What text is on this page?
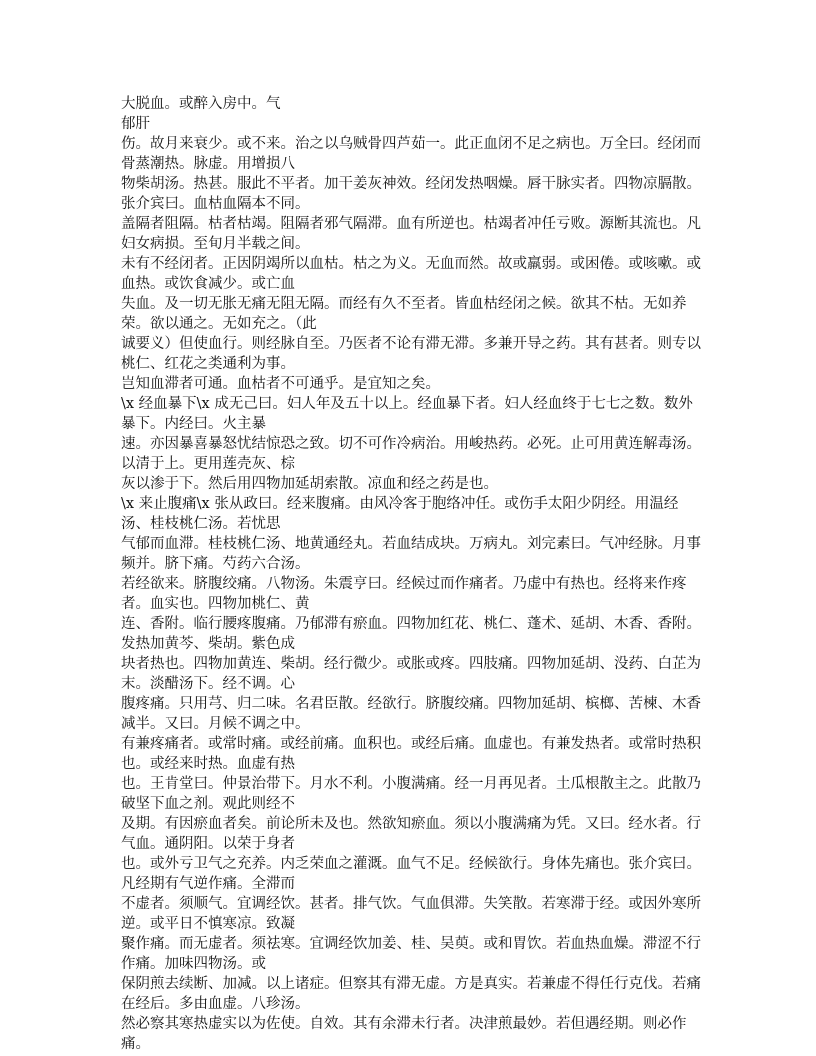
大脱血。或醉入房中。气

郁肝

伤。故月来衰少。或不来。治之以乌贼骨四芦茹一。此正血闭不足之病也。万全曰。经闭而骨蒸潮热。脉虚。用增损八

物柴胡汤。热甚。服此不平者。加干姜灰神效。经闭发热咽燥。唇干脉实者。四物凉膈散。张介宾曰。血枯血隔本不同。

盖隔者阻隔。枯者枯竭。阻隔者邪气隔滞。血有所逆也。枯竭者冲任亏败。源断其流也。凡妇女病损。至旬月半载之间。

未有不经闭者。正因阴竭所以血枯。枯之为义。无血而然。故或羸弱。或困倦。或咳嗽。或血热。或饮食减少。或亡血

失血。及一切无胀无痛无阻无隔。而经有久不至者。皆血枯经闭之候。欲其不枯。无如养荣。欲以通之。无如充之。（此

诚要义）但使血行。则经脉自至。乃医者不论有滞无滞。多兼开导之药。其有甚者。则专以桃仁、红花之类通利为事。

岂知血滞者可通。血枯者不可通乎。是宜知之矣。

\x 经血暴下\x 成无己曰。妇人年及五十以上。经血暴下者。妇人经血终于七七之数。数外暴下。内经曰。火主暴

速。亦因暴喜暴怒忧结惊恐之致。切不可作冷病治。用峻热药。必死。止可用黄连解毒汤。以清于上。更用莲壳灰、棕

灰以渗于下。然后用四物加延胡索散。凉血和经之药是也。

\x 来止腹痛\x 张从政曰。经来腹痛。由风冷客于胞络冲任。或伤手太阳少阴经。用温经汤、桂枝桃仁汤。若忧思

气郁而血滞。桂枝桃仁汤、地黄通经丸。若血结成块。万病丸。刘完素曰。气冲经脉。月事频并。脐下痛。芍药六合汤。

若经欲来。脐腹绞痛。八物汤。朱震亨曰。经候过而作痛者。乃虚中有热也。经将来作疼者。血实也。四物加桃仁、黄

连、香附。临行腰疼腹痛。乃郁滞有瘀血。四物加红花、桃仁、蓬术、延胡、木香、香附。发热加黄芩、柴胡。紫色成

块者热也。四物加黄连、柴胡。经行微少。或胀或疼。四肢痛。四物加延胡、没药、白芷为末。淡醋汤下。经不调。心

腹疼痛。只用芎、归二味。名君臣散。经欲行。脐腹绞痛。四物加延胡、槟榔、苦楝、木香减半。又曰。月候不调之中。

有兼疼痛者。或常时痛。或经前痛。血积也。或经后痛。血虚也。有兼发热者。或常时热积也。或经来时热。血虚有热

也。王肯堂曰。仲景治带下。月水不利。小腹满痛。经一月再见者。土瓜根散主之。此散乃破坚下血之剂。观此则经不

及期。有因瘀血者矣。前论所未及也。然欲知瘀血。须以小腹满痛为凭。又曰。经水者。行气血。通阴阳。以荣于身者

也。或外亏卫气之充养。内乏荣血之灌溉。血气不足。经候欲行。身体先痛也。张介宾曰。凡经期有气逆作痛。全滞而

不虚者。须顺气。宜调经饮。甚者。排气饮。气血俱滞。失笑散。若寒滞于经。或因外寒所逆。或平日不慎寒凉。致凝

聚作痛。而无虚者。须祛寒。宜调经饮加姜、桂、吴萸。或和胃饮。若血热血燥。滞涩不行作痛。加味四物汤。或

保阴煎去续断、加减。以上诸症。但察其有滞无虚。方是真实。若兼虚不得任行克伐。若痛在经后。多由血虚。八珍汤。

然必察其寒热虚实以为佐使。自效。其有余滞未行者。决津煎最妙。若但遇经期。则必作痛。
